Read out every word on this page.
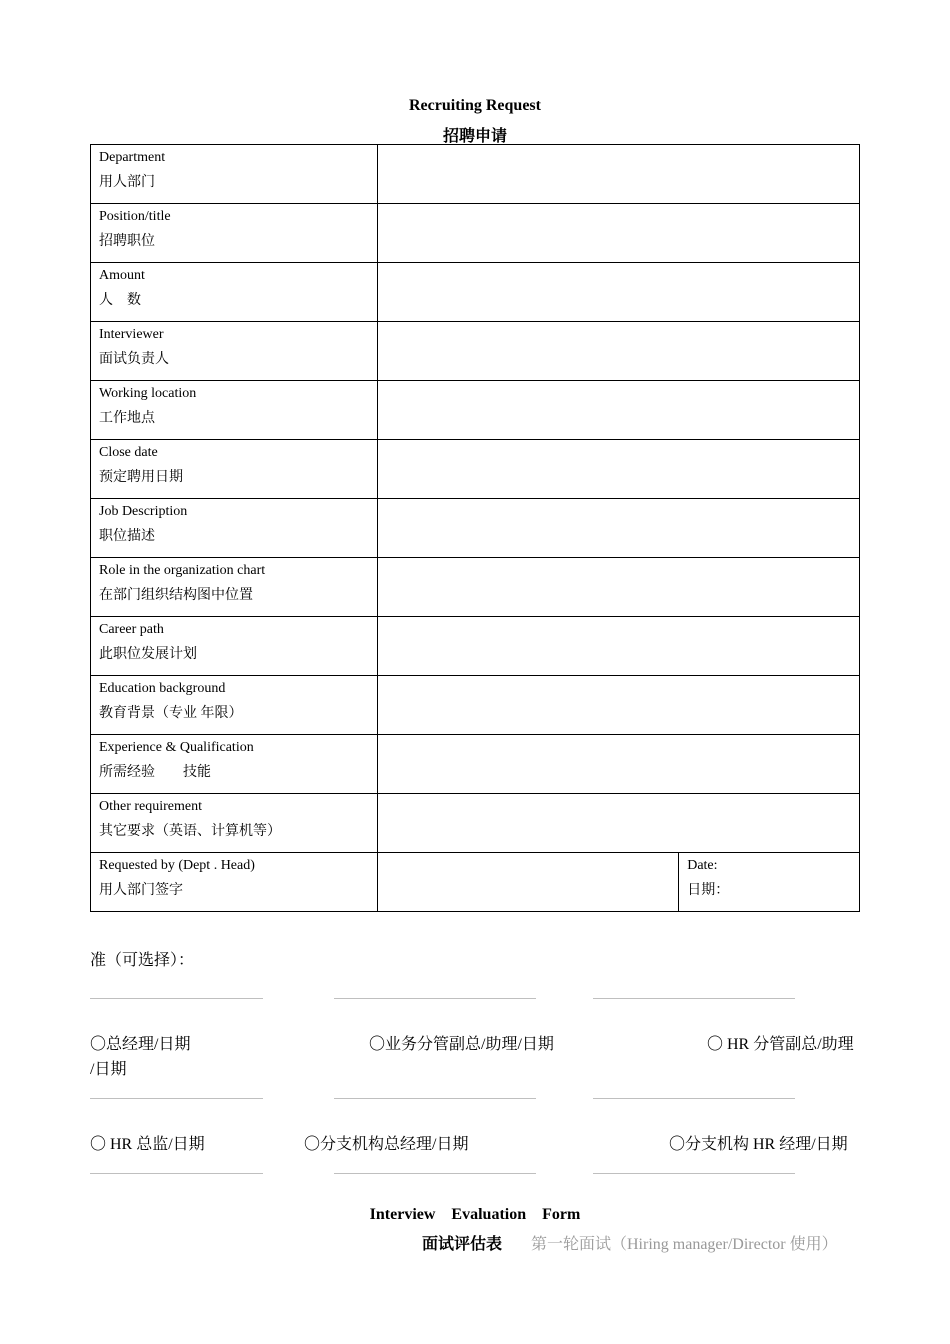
Recruiting Request
招聘申请
Department
用人部门		

Position/title
招聘职位		

Amount
人　数		

Interviewer
面试负责人		

Working location
工作地点		

Close date
预定聘用日期		

Job Description
职位描述		

Role in the organization chart
在部门组织结构图中位置		

Career path
此职位发展计划		

Education background
教育背景（专业 年限）		

Experience & Qualification
所需经验　　技能		

Other requirement
其它要求（英语、计算机等）		

Requested by (Dept . Head)
用人部门签字		Date:
日期：
准（可选择）：
〇总经理/日期	〇业务分管副总/助理/日期	〇 HR 分管副总/助理
/日期
〇 HR 总监/日期	〇分支机构总经理/日期	〇分支机构 HR 经理/日期
Interview    Evaluation    Form
面试评估表 第一轮面试（Hiring manager/Director 使用）
